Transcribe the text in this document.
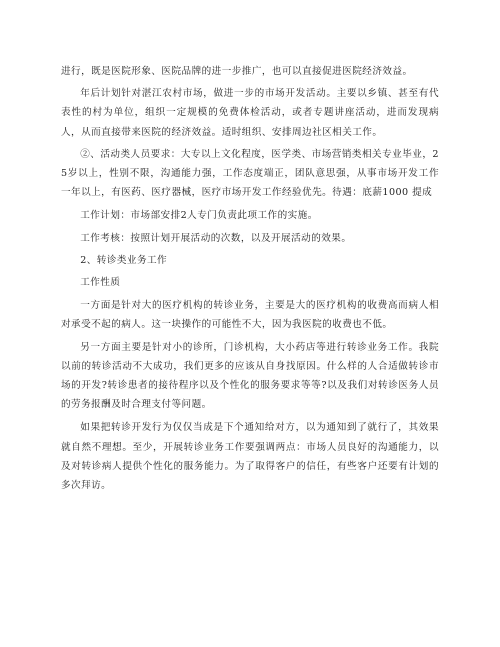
进行，既是医院形象、医院品牌的进一步推广，也可以直接促进医院经济效益。

年后计划针对湛江农村市场，做进一步的市场开发活动。主要以乡镇、甚至有代表性的村为单位，组织一定规模的免费体检活动，或者专题讲座活动，进而发现病人，从而直接带来医院的经济效益。适时组织、安排周边社区相关工作。

②、活动类人员要求：大专以上文化程度，医学类、市场营销类相关专业毕业，25岁以上，性别不限，沟通能力强，工作态度端正，团队意思强，从事市场开发工作一年以上，有医药、医疗器械，医疗市场开发工作经验优先。待遇：底薪1000 提成

工作计划：市场部安排2人专门负责此项工作的实施。

工作考核：按照计划开展活动的次数，以及开展活动的效果。

2、转诊类业务工作

工作性质

一方面是针对大的医疗机构的转诊业务，主要是大的医疗机构的收费高而病人相对承受不起的病人。这一块操作的可能性不大，因为我医院的收费也不低。

另一方面主要是针对小的诊所，门诊机构，大小药店等进行转诊业务工作。我院以前的转诊活动不大成功，我们更多的应该从自身找原因。什么样的人合适做转诊市场的开发?转诊患者的接待程序以及个性化的服务要求等等?以及我们对转诊医务人员的劳务报酬及时合理支付等问题。

如果把转诊开发行为仅仅当成是下个通知给对方，以为通知到了就行了，其效果就自然不理想。至少，开展转诊业务工作要强调两点：市场人员良好的沟通能力，以及对转诊病人提供个性化的服务能力。为了取得客户的信任，有些客户还要有计划的多次拜访。
